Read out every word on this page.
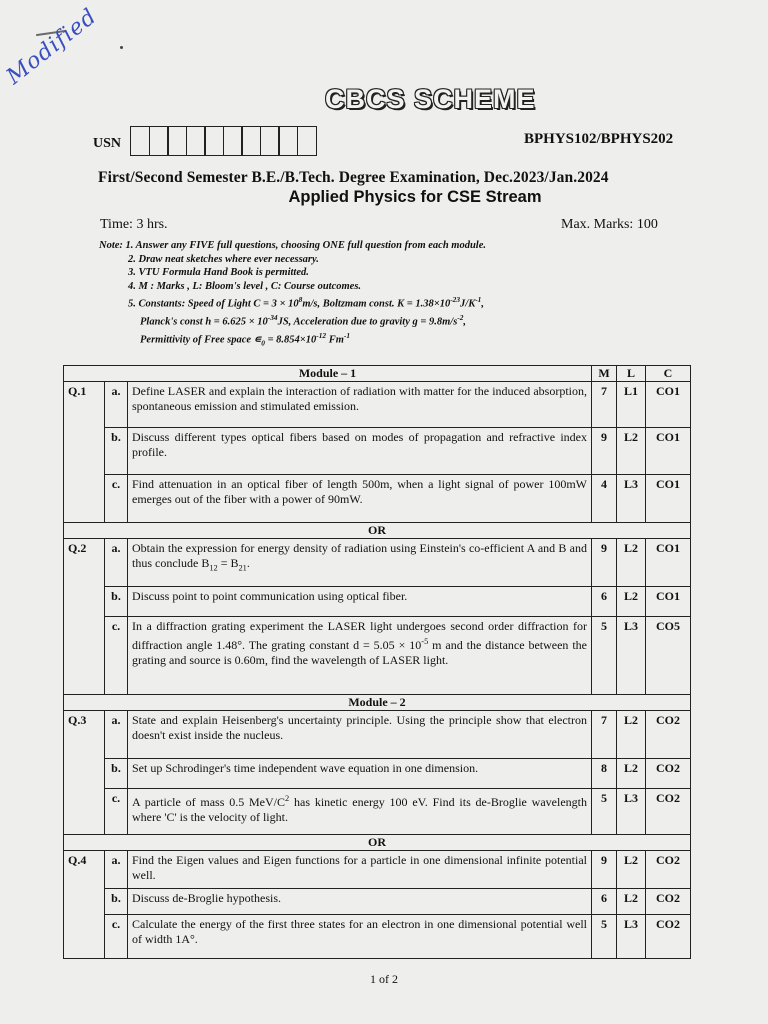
Modified
CBCS SCHEME
USN	BPHYS102/BPHYS202
First/Second Semester B.E./B.Tech. Degree Examination, Dec.2023/Jan.2024
Applied Physics for CSE Stream
Time: 3 hrs.	Max. Marks: 100
Note: 1. Answer any FIVE full questions, choosing ONE full question from each module.
2. Draw neat sketches where ever necessary.
3. VTU Formula Hand Book is permitted.
4. M : Marks , L: Bloom's level , C: Course outcomes.
5. Constants: Speed of Light $C = 3 \times 10^8m/s$, Boltzmam const. $K = 1.38\times 10^{-23}J/K^{-1}$,
Planck's const $h = 6.625 \times 10^{-34}JS$, Acceleration due to gravity $g = 9.8m/s^{-2}$,
Permittivity of Free space $∊_0 = 8.854\times 10^{-12}$ $Fm^{-1}$
Module – 1			M	L	C
Q.1	a.	Define LASER and explain the interaction of radiation with matter for the induced absorption, spontaneous emission and stimulated emission.	7	L1	CO1
	b.	Discuss different types optical fibers based on modes of propagation and refractive index profile.	9	L2	CO1
	c.	Find attenuation in an optical fiber of length 500m, when a light signal of power 100mW emerges out of the fiber with a power of 90mW.	4	L3	CO1
OR					
Q.2	a.	Obtain the expression for energy density of radiation using Einstein's co-efficient A and B and thus conclude $B_{12} = B_{21}$.	9	L2	CO1
	b.	Discuss point to point communication using optical fiber.	6	L2	CO1
	c.	In a diffraction grating experiment the LASER light undergoes second order diffraction for diffraction angle 1.48°. The grating constant $d = 5.05 \times 10^{-5}$ m and the distance between the grating and source is 0.60m, find the wavelength of LASER light.	5	L3	CO5
Module – 2					
Q.3	a.	State and explain Heisenberg's uncertainty principle. Using the principle show that electron doesn't exist inside the nucleus.	7	L2	CO2
	b.	Set up Schrodinger's time independent wave equation in one dimension.	8	L2	CO2
	c.	A particle of mass 0.5 MeV/$C^2$ has kinetic energy 100 eV. Find its de-Broglie wavelength where 'C' is the velocity of light.	5	L3	CO2
OR					
Q.4	a.	Find the Eigen values and Eigen functions for a particle in one dimensional infinite potential well.	9	L2	CO2
	b.	Discuss de-Broglie hypothesis.	6	L2	CO2
	c.	Calculate the energy of the first three states for an electron in one dimensional potential well of width 1A°.	5	L3	CO2
1 of 2
